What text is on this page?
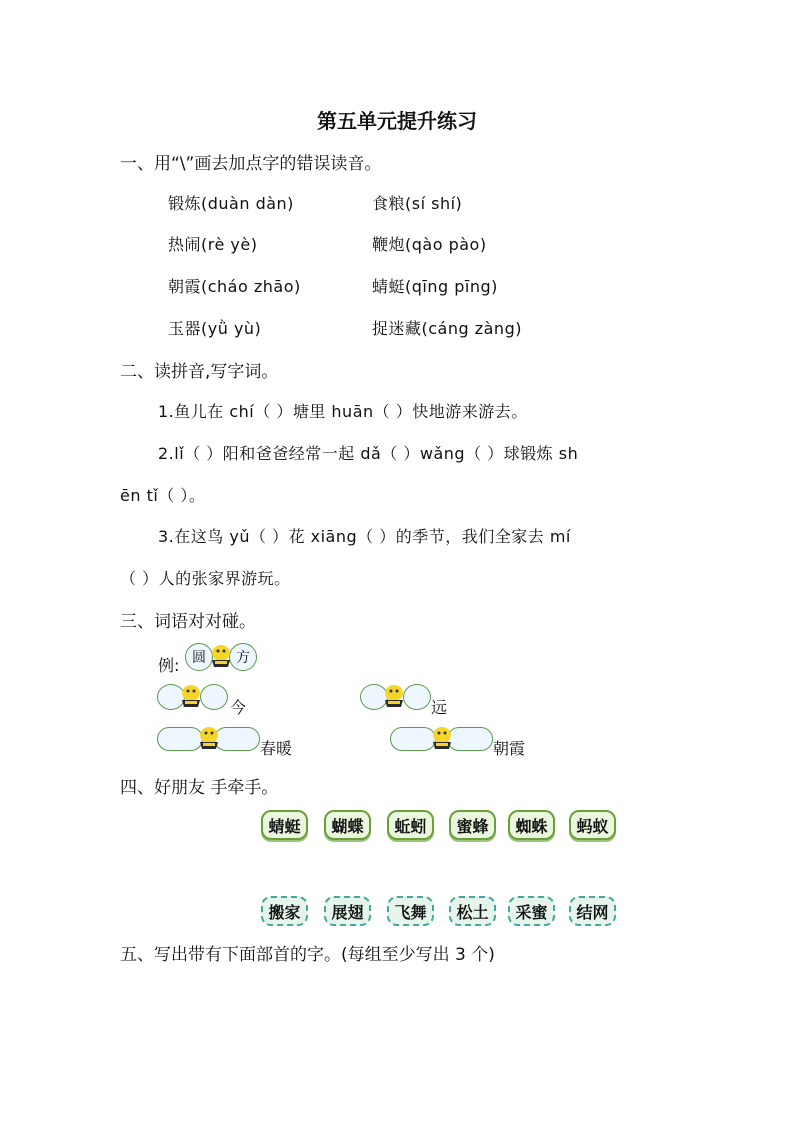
第五单元提升练习
一、用“\”画去加点字的错误读音。
锻炼(duàn dàn)	食粮(sí shí)
热闹(rè yè)	鞭炮(qào pào)
朝霞(cháo zhāo)	蜻蜓(qīng pīng)
玉器(yǜ yù)	捉迷藏(cáng zàng)
二、读拼音,写字词。
1.鱼儿在 chí（ ）塘里 huān（ ）快地游来游去。
2.lǐ（ ）阳和爸爸经常一起 dǎ（ ）wǎng（ ）球锻炼 sh
ēn tǐ（ ）。
3.在这鸟 yǔ（ ）花 xiāng（ ）的季节，我们全家去 mí
（ ）人的张家界游玩。
三、词语对对碰。
例: 圆 方
今	远
春暖	朝霞
四、好朋友 手牵手。
蜻蜓	蝴蝶	蚯蚓	蜜蜂	蜘蛛	蚂蚁
搬家	展翅	飞舞	松土	采蜜	结网
五、写出带有下面部首的字。(每组至少写出 3 个)
